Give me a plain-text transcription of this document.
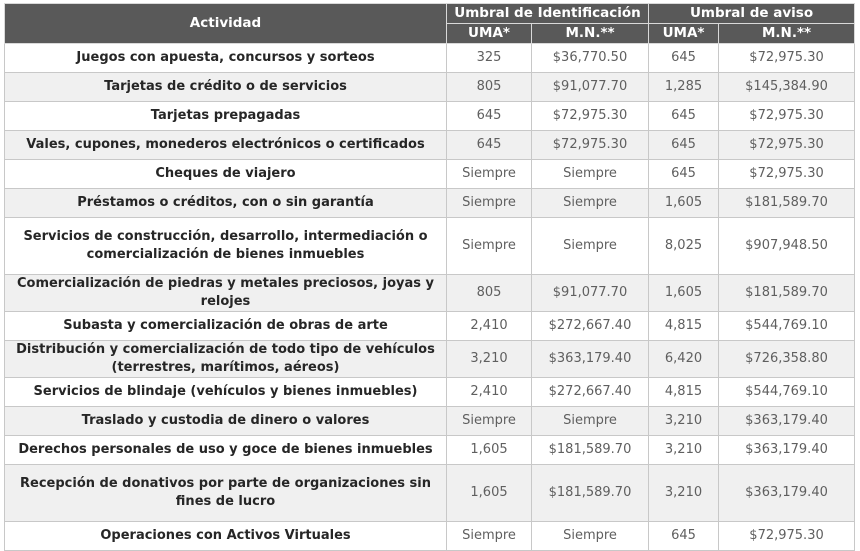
Actividad	Umbral de Identificación		Umbral de aviso	
	UMA*	M.N.**	UMA*	M.N.**
Juegos con apuesta, concursos y sorteos	325	$36,770.50	645	$72,975.30
Tarjetas de crédito o de servicios	805	$91,077.70	1,285	$145,384.90
Tarjetas prepagadas	645	$72,975.30	645	$72,975.30
Vales, cupones, monederos electrónicos o certificados	645	$72,975.30	645	$72,975.30
Cheques de viajero	Siempre	Siempre	645	$72,975.30
Préstamos o créditos, con o sin garantía	Siempre	Siempre	1,605	$181,589.70
Servicios de construcción, desarrollo, intermediación o comercialización de bienes inmuebles	Siempre	Siempre	8,025	$907,948.50
Comercialización de piedras y metales preciosos, joyas y relojes	805	$91,077.70	1,605	$181,589.70
Subasta y comercialización de obras de arte	2,410	$272,667.40	4,815	$544,769.10
Distribución y comercialización de todo tipo de vehículos (terrestres, marítimos, aéreos)	3,210	$363,179.40	6,420	$726,358.80
Servicios de blindaje (vehículos y bienes inmuebles)	2,410	$272,667.40	4,815	$544,769.10
Traslado y custodia de dinero o valores	Siempre	Siempre	3,210	$363,179.40
Derechos personales de uso y goce de bienes inmuebles	1,605	$181,589.70	3,210	$363,179.40
Recepción de donativos por parte de organizaciones sin fines de lucro	1,605	$181,589.70	3,210	$363,179.40
Operaciones con Activos Virtuales	Siempre	Siempre	645	$72,975.30
